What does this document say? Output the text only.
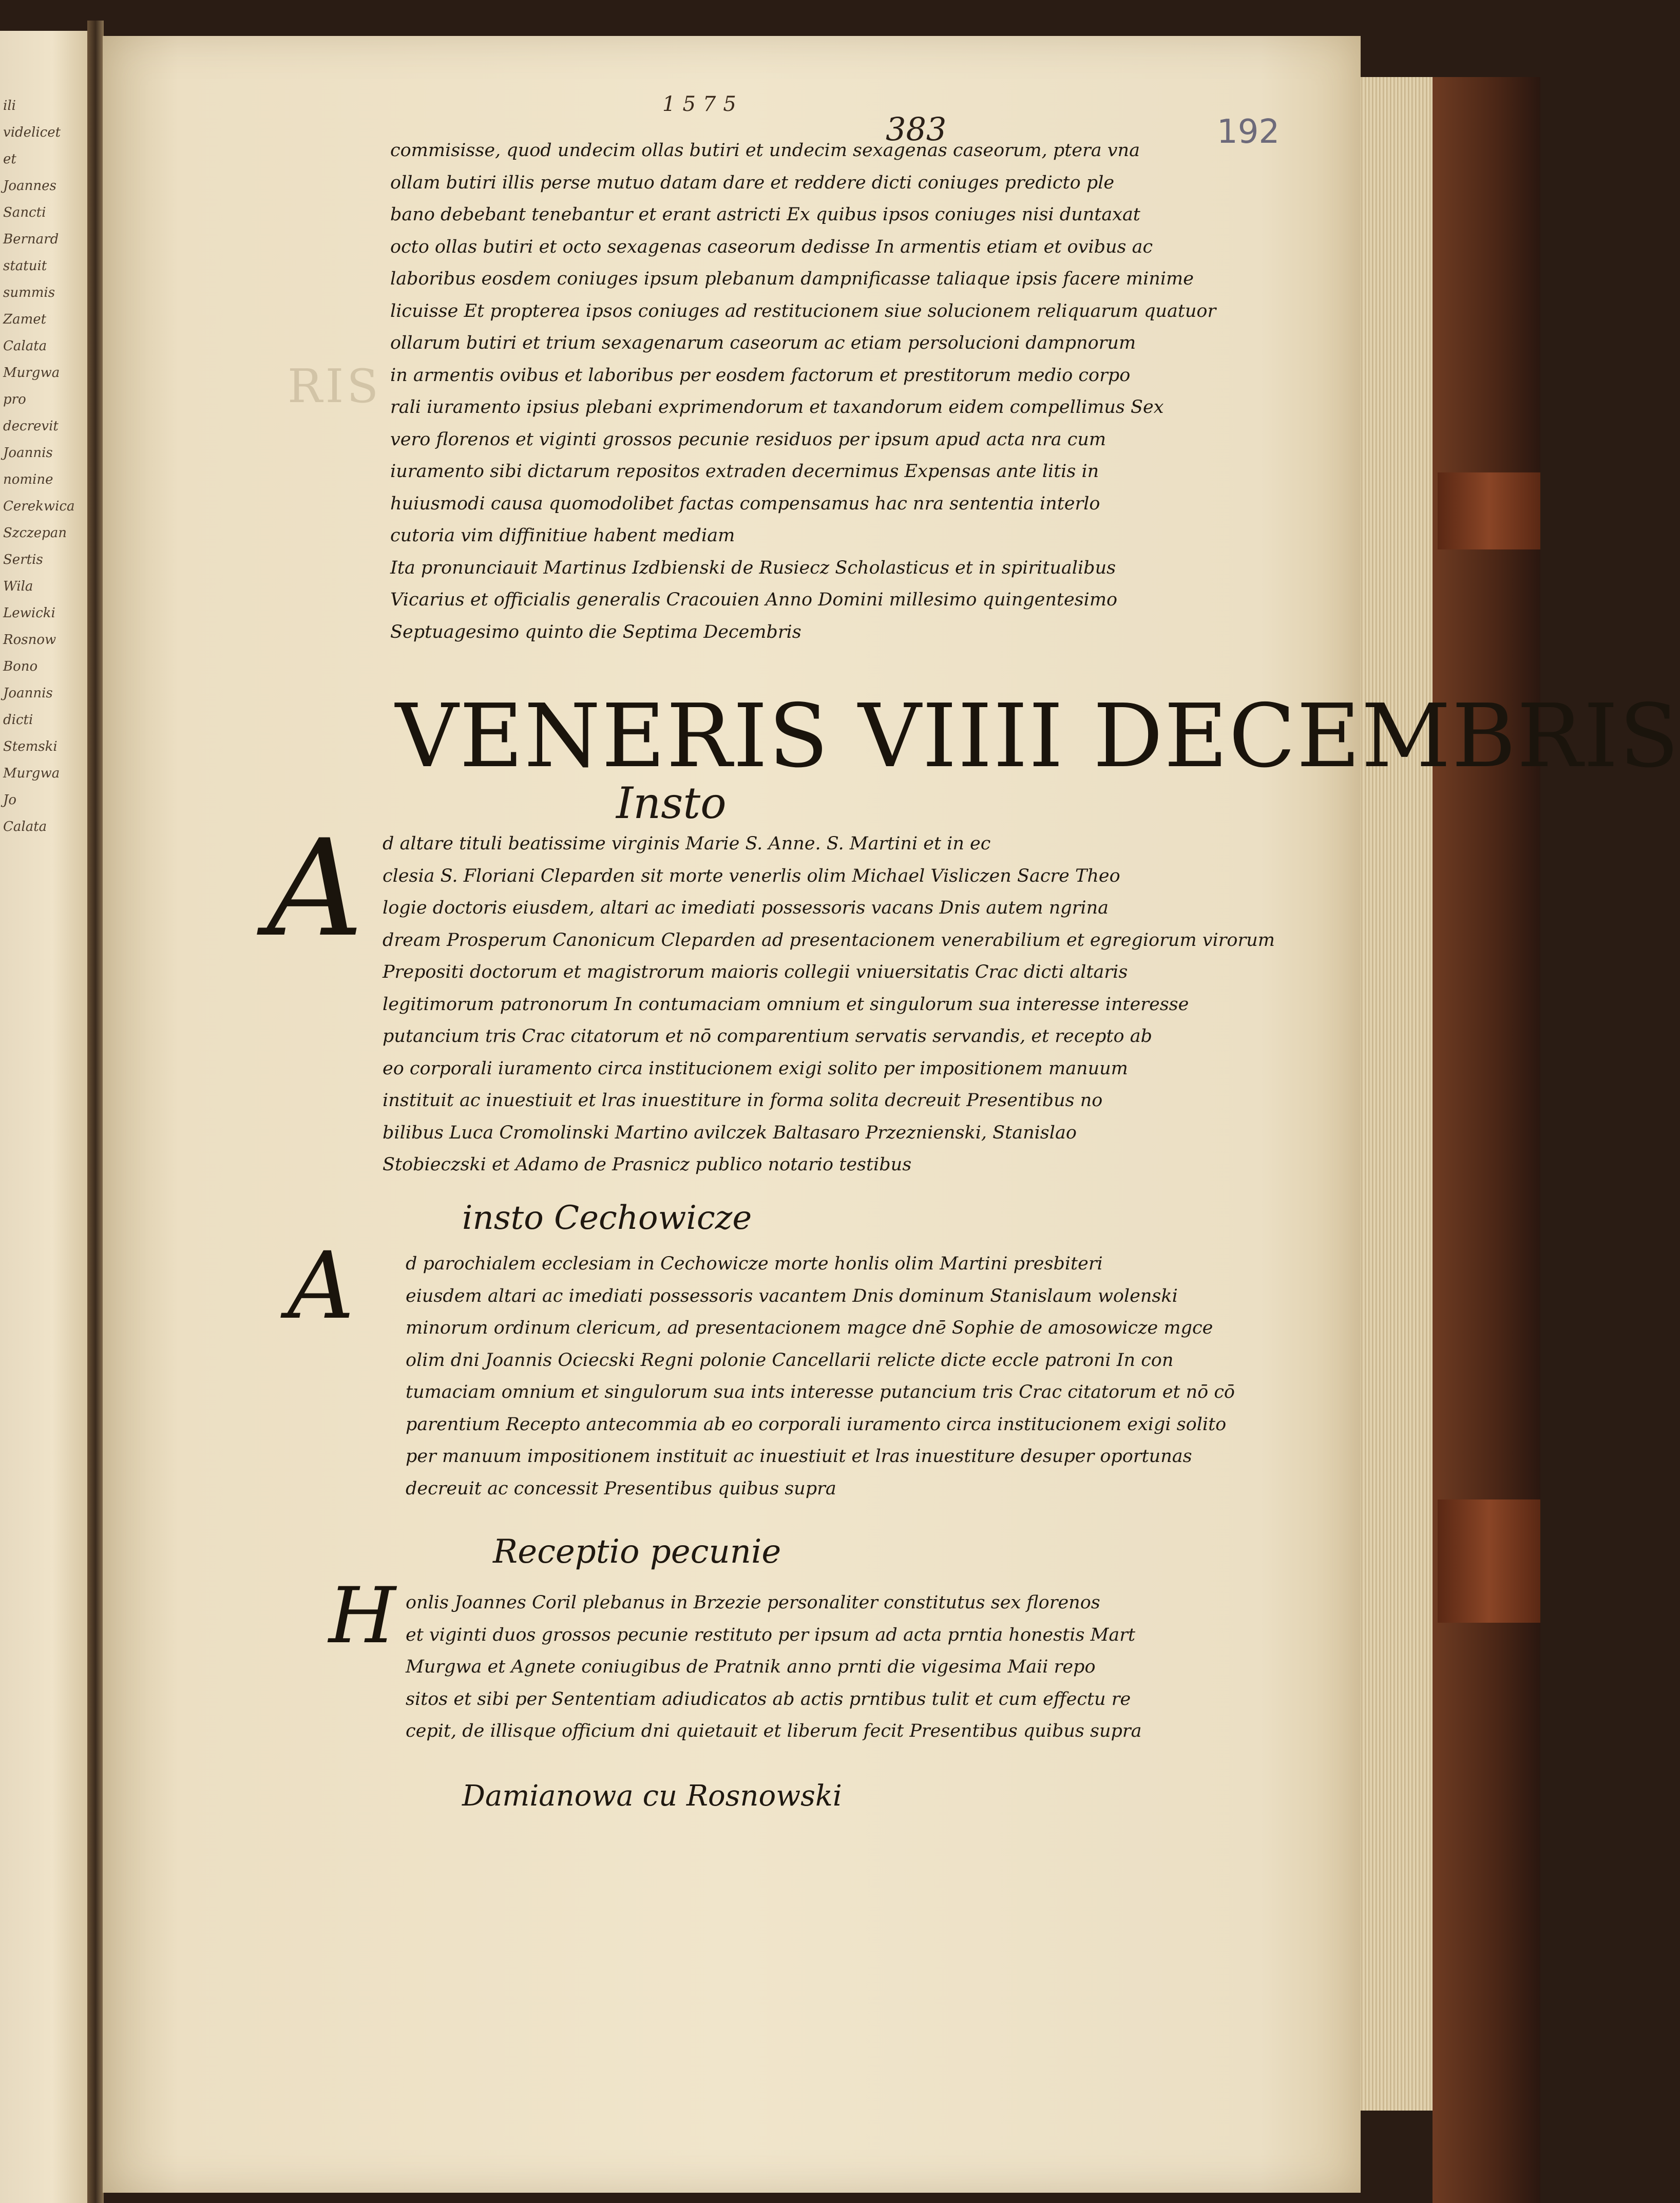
ili
videlicet
et
Joannes
Sancti
Bernard
statuit
summis
Zamet
Calata
Murgwa
pro
decrevit
Joannis
nomine
Cerekwica
Szczepan
Sertis
Wila
Lewicki
Rosnow
Bono
Joannis
dicti
Stemski
Murgwa
Jo
Calata
RIS
1575
383	192
commisisse, quod undecim ollas butiri et undecim sexagenas caseorum, ptera vna
ollam butiri illis perse mutuo datam dare et reddere dicti coniuges predicto ple
bano debebant tenebantur et erant astricti Ex quibus ipsos coniuges nisi duntaxat
octo ollas butiri et octo sexagenas caseorum dedisse In armentis etiam et ovibus ac
laboribus eosdem coniuges ipsum plebanum dampnificasse taliaque ipsis facere minime
licuisse Et propterea ipsos coniuges ad restitucionem siue solucionem reliquarum quatuor
ollarum butiri et trium sexagenarum caseorum ac etiam persolucioni dampnorum
in armentis ovibus et laboribus per eosdem factorum et prestitorum medio corpo
rali iuramento ipsius plebani exprimendorum et taxandorum eidem compellimus Sex
vero florenos et viginti grossos pecunie residuos per ipsum apud acta nra cum
iuramento sibi dictarum repositos extraden decernimus Expensas ante litis in
huiusmodi causa quomodolibet factas compensamus hac nra sententia interlo
cutoria vim diffinitiue habent mediam
Ita pronunciauit Martinus Izdbienski de Rusiecz Scholasticus et in spiritualibus
Vicarius et officialis generalis Cracouien Anno Domini millesimo quingentesimo
Septuagesimo quinto die Septima Decembris
VENERIS VIIII DECEMBRIS
Insto
A d altare tituli beatissime virginis Marie S. Anne. S. Martini et in ec
clesia S. Floriani Cleparden sit morte venerlis olim Michael Visliczen Sacre Theo
logie doctoris eiusdem, altari ac imediati possessoris vacans Dnis autem ngrina
dream Prosperum Canonicum Cleparden ad presentacionem venerabilium et egregiorum virorum
Prepositi doctorum et magistrorum maioris collegii vniuersitatis Crac dicti altaris
legitimorum patronorum In contumaciam omnium et singulorum sua interesse interesse
putancium tris Crac citatorum et nō comparentium servatis servandis, et recepto ab
eo corporali iuramento circa institucionem exigi solito per impositionem manuum
instituit ac inuestiuit et lras inuestiture in forma solita decreuit Presentibus no
bilibus Luca Cromolinski Martino avilczek Baltasaro Przeznienski, Stanislao
Stobieczski et Adamo de Prasnicz publico notario testibus
insto Cechowicze
A	d parochialem ecclesiam in Cechowicze morte honlis olim Martini presbiteri
eiusdem altari ac imediati possessoris vacantem Dnis dominum Stanislaum wolenski
minorum ordinum clericum, ad presentacionem magce dnē Sophie de amosowicze mgce
olim dni Joannis Ociecski Regni polonie Cancellarii relicte dicte eccle patroni In con
tumaciam omnium et singulorum sua ints interesse putancium tris Crac citatorum et nō cō
parentium Recepto antecommia ab eo corporali iuramento circa institucionem exigi solito
per manuum impositionem instituit ac inuestiuit et lras inuestiture desuper oportunas
decreuit ac concessit Presentibus quibus supra
Receptio pecunie
H onlis Joannes Coril plebanus in Brzezie personaliter constitutus sex florenos
et viginti duos grossos pecunie restituto per ipsum ad acta prntia honestis Mart
Murgwa et Agnete coniugibus de Pratnik anno prnti die vigesima Maii repo
sitos et sibi per Sententiam adiudicatos ab actis prntibus tulit et cum effectu re
cepit, de illisque officium dni quietauit et liberum fecit Presentibus quibus supra
Damianowa cu Rosnowski
